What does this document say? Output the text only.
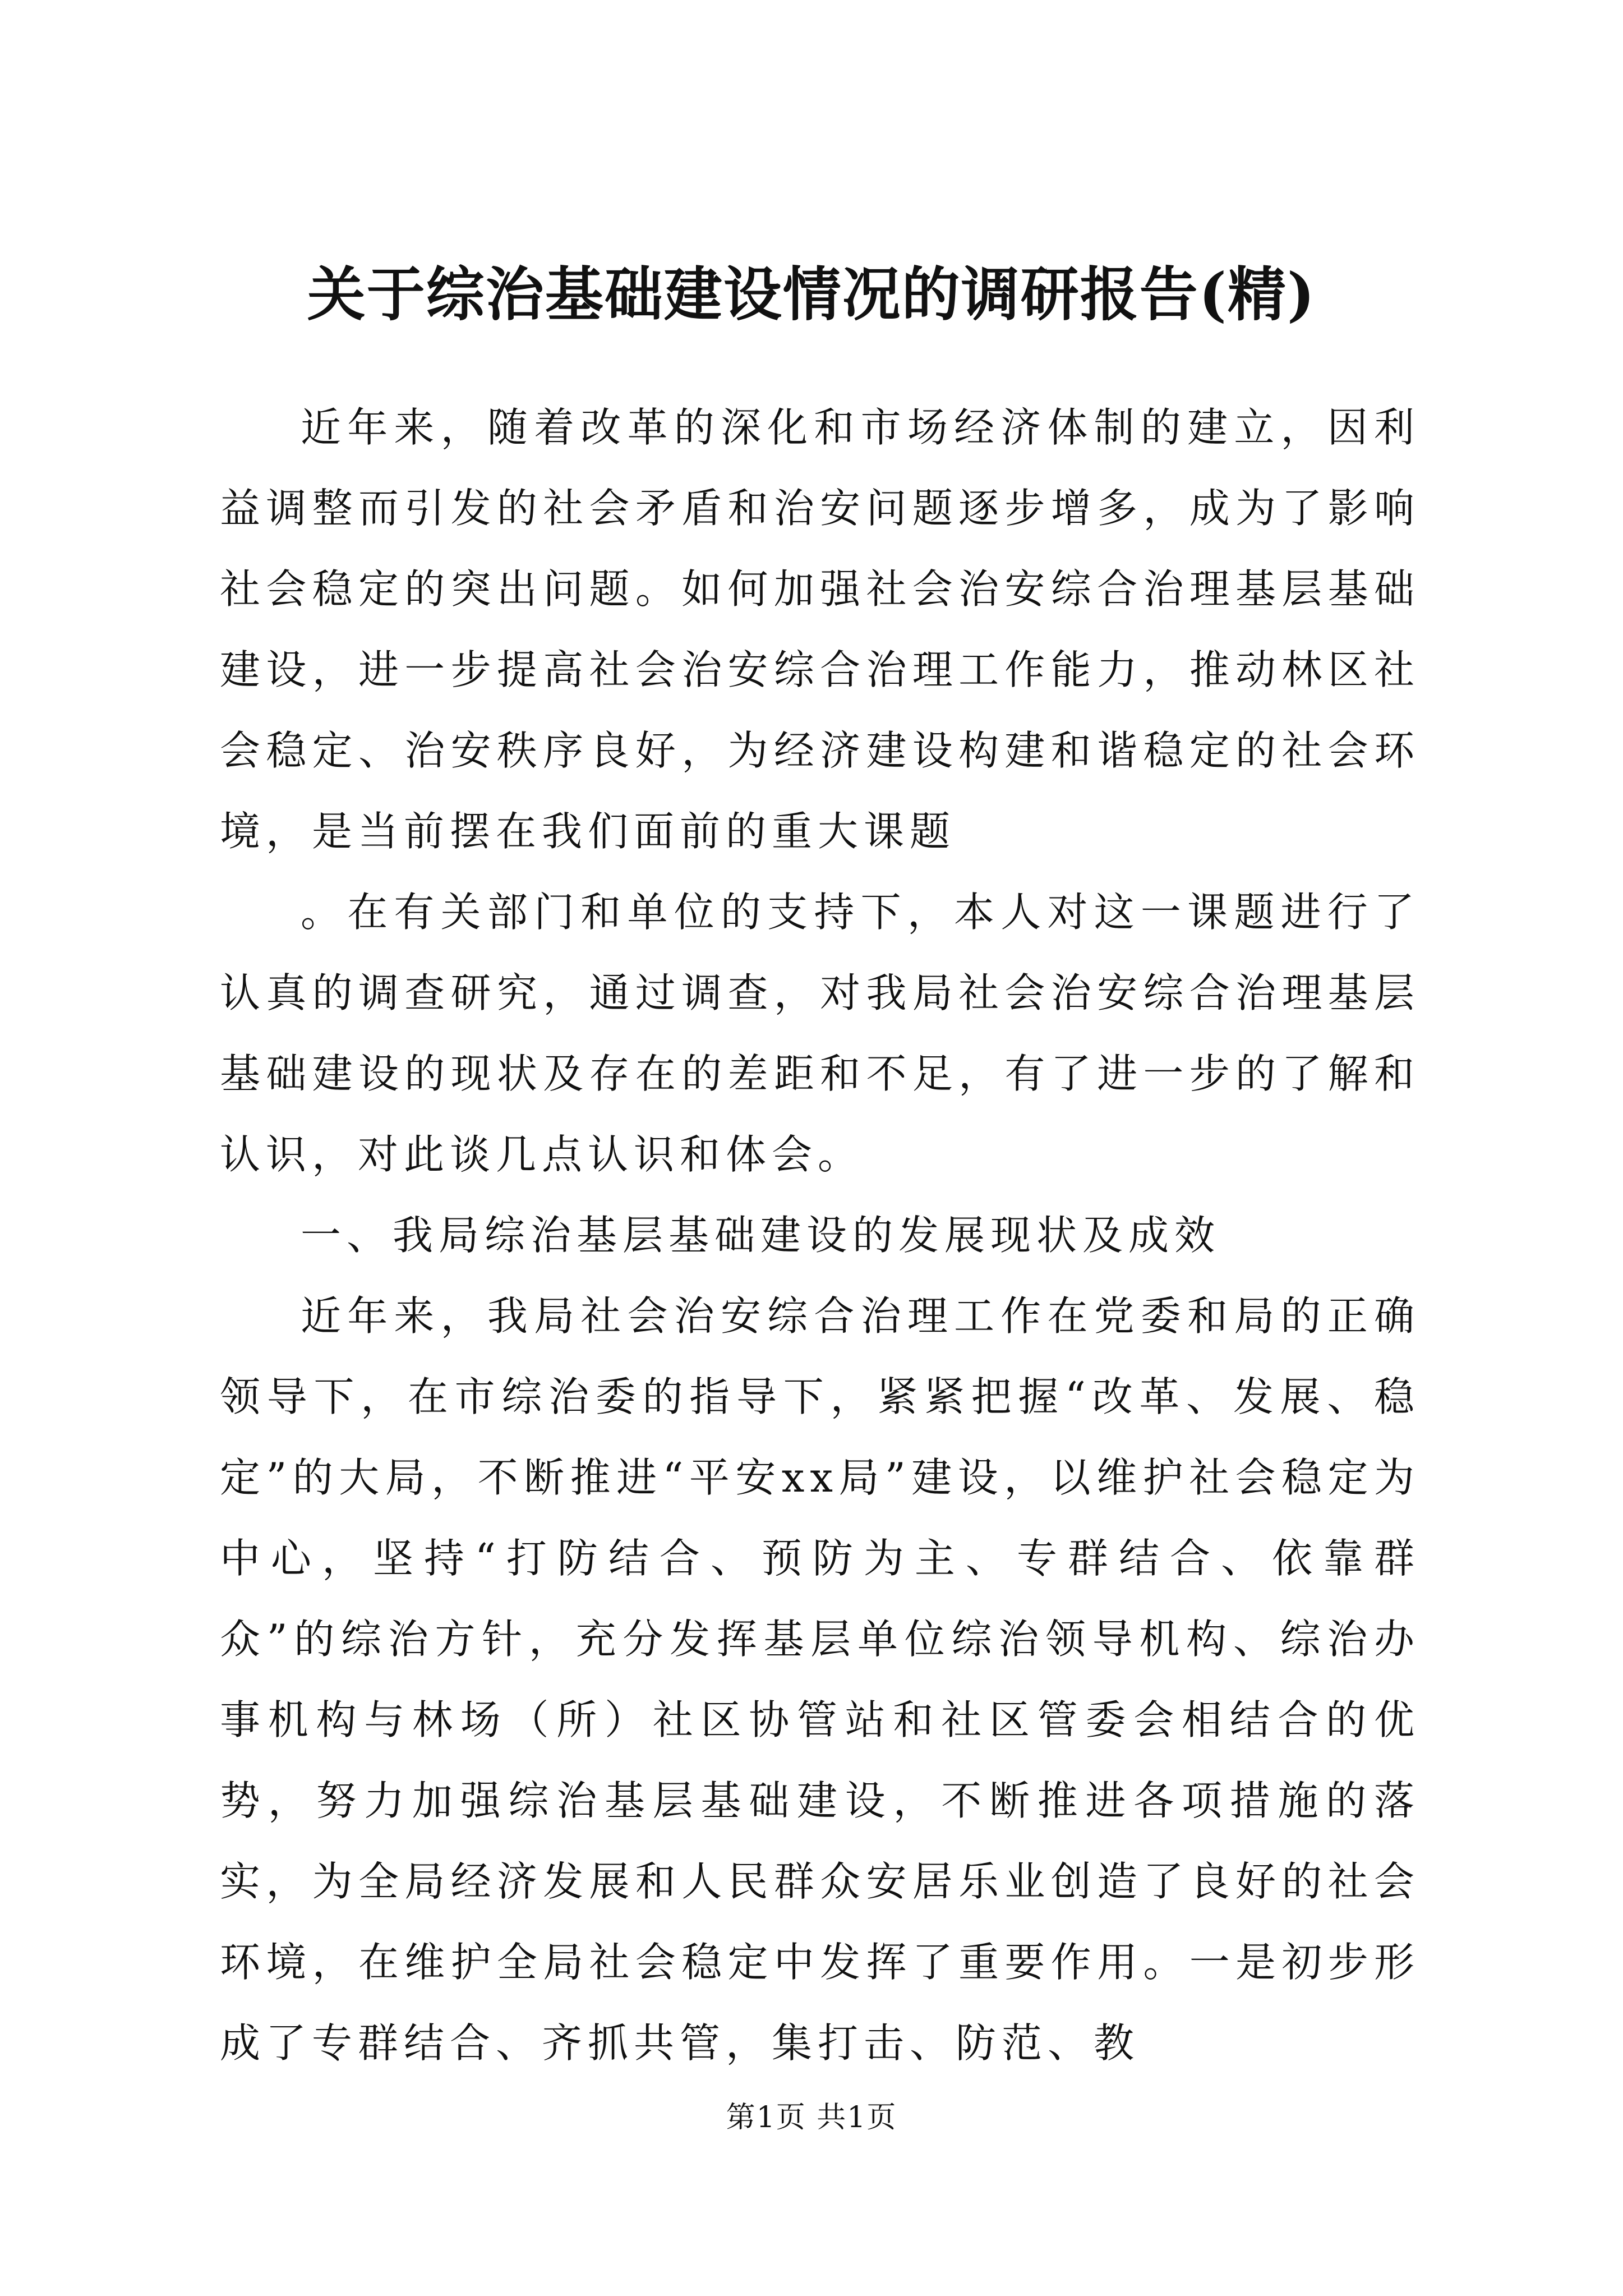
关于综治基础建设情况的调研报告(精)

近年来，随着改革的深化和市场经济体制的建立，因利益调整而引发的社会矛盾和治安问题逐步增多，成为了影响社会稳定的突出问题。如何加强社会治安综合治理基层基础建设，进一步提高社会治安综合治理工作能力，推动林区社会稳定、治安秩序良好，为经济建设构建和谐稳定的社会环境，是当前摆在我们面前的重大课题

。在有关部门和单位的支持下，本人对这一课题进行了认真的调查研究，通过调查，对我局社会治安综合治理基层基础建设的现状及存在的差距和不足，有了进一步的了解和认识，对此谈几点认识和体会。

一、我局综治基层基础建设的发展现状及成效

近年来，我局社会治安综合治理工作在党委和局的正确领导下，在市综治委的指导下，紧紧把握“改革、发展、稳定”的大局，不断推进“平安xx局”建设，以维护社会稳定为中心，坚持“打防结合、预防为主、专群结合、依靠群众”的综治方针，充分发挥基层单位综治领导机构、综治办事机构与林场（所）社区协管站和社区管委会相结合的优势，努力加强综治基层基础建设，不断推进各项措施的落实，为全局经济发展和人民群众安居乐业创造了良好的社会环境，在维护全局社会稳定中发挥了重要作用。一是初步形成了专群结合、齐抓共管，集打击、防范、教

第1页 共1页
